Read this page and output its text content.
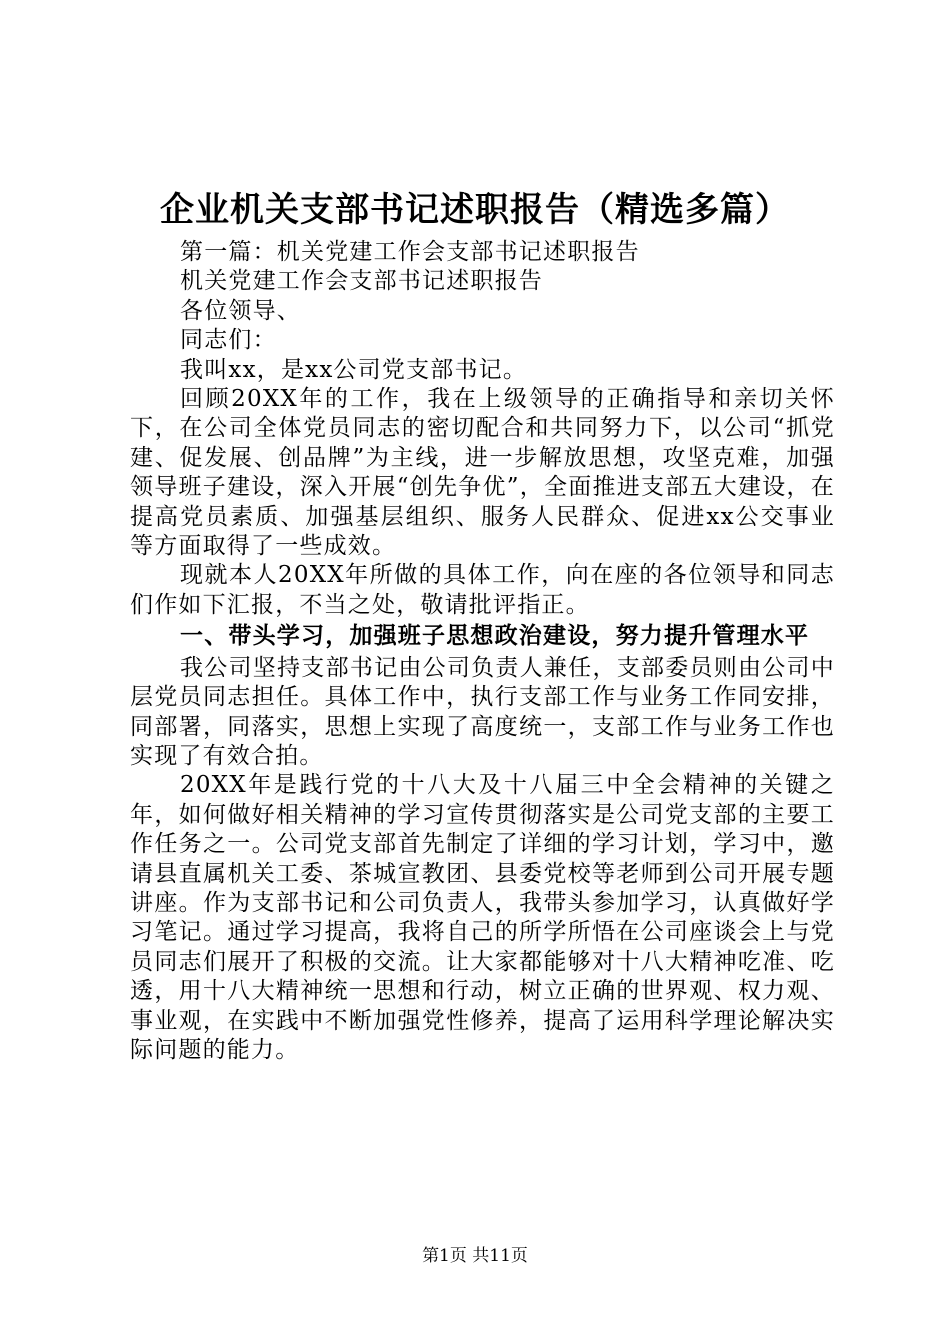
企业机关支部书记述职报告（精选多篇）

第一篇：机关党建工作会支部书记述职报告

机关党建工作会支部书记述职报告

各位领导、

同志们：

我叫xx，是xx公司党支部书记。

回顾20XX年的工作，我在上级领导的正确指导和亲切关怀下，在公司全体党员同志的密切配合和共同努力下，以公司“抓党建、促发展、创品牌”为主线，进一步解放思想，攻坚克难，加强领导班子建设，深入开展“创先争优”，全面推进支部五大建设，在提高党员素质、加强基层组织、服务人民群众、促进xx公交事业等方面取得了一些成效。

现就本人20XX年所做的具体工作，向在座的各位领导和同志们作如下汇报，不当之处，敬请批评指正。

一、带头学习，加强班子思想政治建设，努力提升管理水平

我公司坚持支部书记由公司负责人兼任，支部委员则由公司中层党员同志担任。具体工作中，执行支部工作与业务工作同安排，同部署，同落实，思想上实现了高度统一，支部工作与业务工作也实现了有效合拍。

20XX年是践行党的十八大及十八届三中全会精神的关键之年，如何做好相关精神的学习宣传贯彻落实是公司党支部的主要工作任务之一。公司党支部首先制定了详细的学习计划，学习中，邀请县直属机关工委、茶城宣教团、县委党校等老师到公司开展专题讲座。作为支部书记和公司负责人，我带头参加学习，认真做好学习笔记。通过学习提高，我将自己的所学所悟在公司座谈会上与党员同志们展开了积极的交流。让大家都能够对十八大精神吃准、吃透，用十八大精神统一思想和行动，树立正确的世界观、权力观、事业观，在实践中不断加强党性修养，提高了运用科学理论解决实际问题的能力。

第1页 共11页
